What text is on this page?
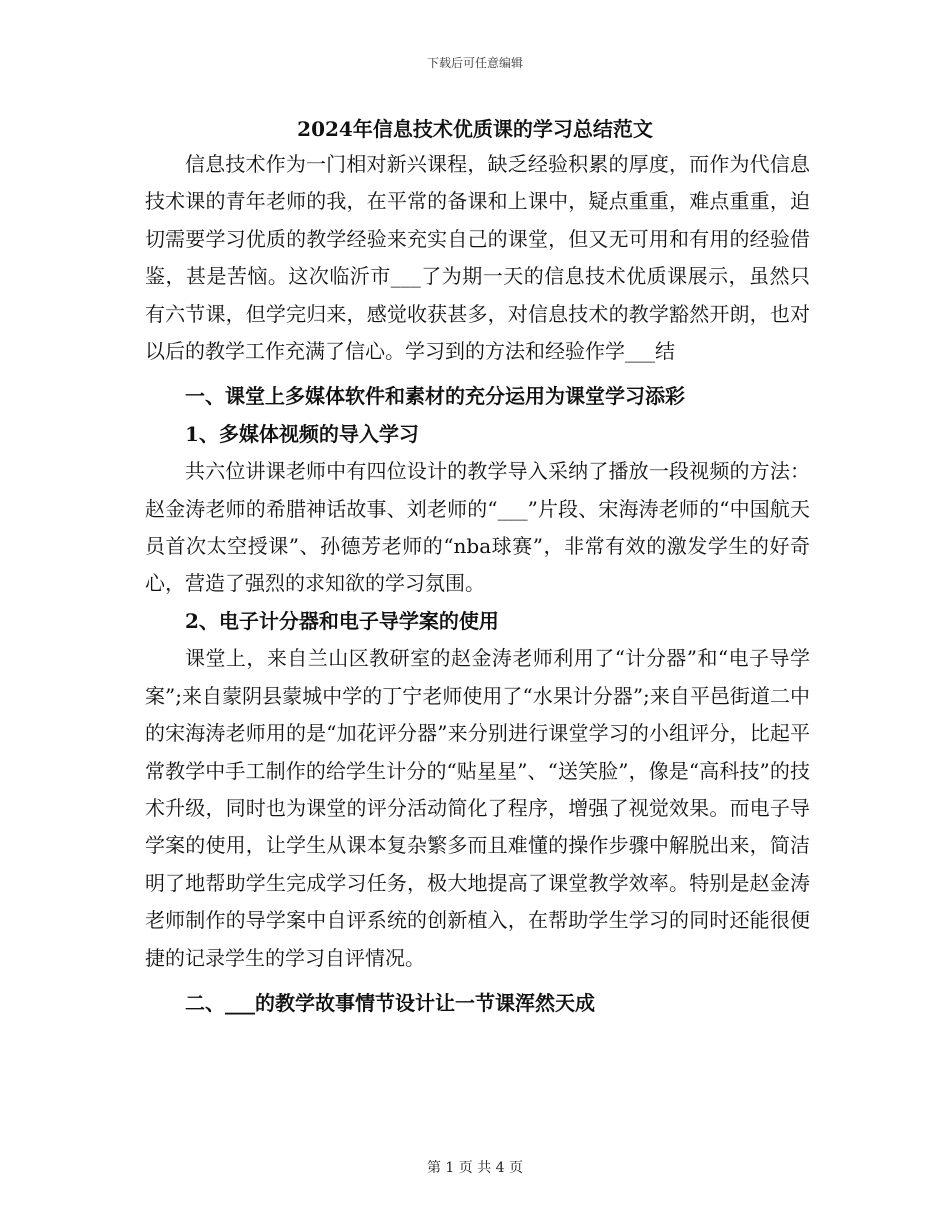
下载后可任意编辑
2024年信息技术优质课的学习总结范文

信息技术作为一门相对新兴课程，缺乏经验积累的厚度，而作为代信息技术课的青年老师的我，在平常的备课和上课中，疑点重重，难点重重，迫切需要学习优质的教学经验来充实自己的课堂，但又无可用和有用的经验借鉴，甚是苦恼。这次临沂市___了为期一天的信息技术优质课展示，虽然只有六节课，但学完归来，感觉收获甚多，对信息技术的教学豁然开朗，也对以后的教学工作充满了信心。学习到的方法和经验作学___结

一、课堂上多媒体软件和素材的充分运用为课堂学习添彩
1、多媒体视频的导入学习

共六位讲课老师中有四位设计的教学导入采纳了播放一段视频的方法：赵金涛老师的希腊神话故事、刘老师的“___”片段、宋海涛老师的“中国航天员首次太空授课”、孙德芳老师的“nba球赛”，非常有效的激发学生的好奇心，营造了强烈的求知欲的学习氛围。

2、电子计分器和电子导学案的使用

课堂上，来自兰山区教研室的赵金涛老师利用了“计分器”和“电子导学案”;来自蒙阴县蒙城中学的丁宁老师使用了“水果计分器”;来自平邑街道二中的宋海涛老师用的是“加花评分器”来分别进行课堂学习的小组评分，比起平常教学中手工制作的给学生计分的“贴星星”、“送笑脸”，像是“高科技”的技术升级，同时也为课堂的评分活动简化了程序，增强了视觉效果。而电子导学案的使用，让学生从课本复杂繁多而且难懂的操作步骤中解脱出来，简洁明了地帮助学生完成学习任务，极大地提高了课堂教学效率。特别是赵金涛老师制作的导学案中自评系统的创新植入，在帮助学生学习的同时还能很便捷的记录学生的学习自评情况。

二、___的教学故事情节设计让一节课浑然天成
第 1 页 共 4 页
